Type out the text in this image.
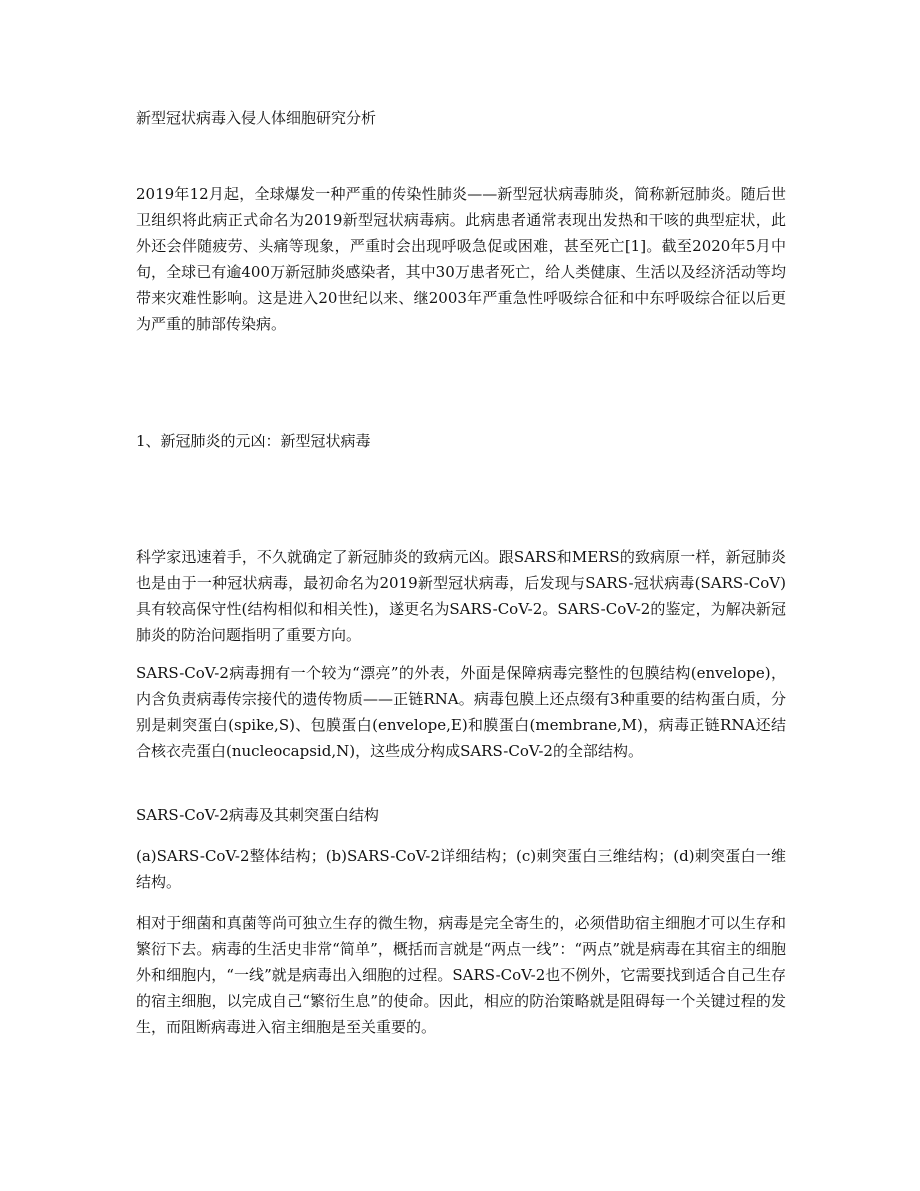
新型冠状病毒入侵人体细胞研究分析

2019年12月起，全球爆发一种严重的传染性肺炎——新型冠状病毒肺炎，简称新冠肺炎。随后世卫组织将此病正式命名为2019新型冠状病毒病。此病患者通常表现出发热和干咳的典型症状，此外还会伴随疲劳、头痛等现象，严重时会出现呼吸急促或困难，甚至死亡[1]。截至2020年5月中旬，全球已有逾400万新冠肺炎感染者，其中30万患者死亡，给人类健康、生活以及经济活动等均带来灾难性影响。这是进入20世纪以来、继2003年严重急性呼吸综合征和中东呼吸综合征以后更为严重的肺部传染病。

1、新冠肺炎的元凶：新型冠状病毒

科学家迅速着手，不久就确定了新冠肺炎的致病元凶。跟SARS和MERS的致病原一样，新冠肺炎也是由于一种冠状病毒，最初命名为2019新型冠状病毒，后发现与SARS-冠状病毒(SARS-CoV)具有较高保守性(结构相似和相关性)，遂更名为SARS-CoV-2。SARS-CoV-2的鉴定，为解决新冠肺炎的防治问题指明了重要方向。

SARS-CoV-2病毒拥有一个较为“漂亮”的外表，外面是保障病毒完整性的包膜结构(envelope)，内含负责病毒传宗接代的遗传物质——正链RNA。病毒包膜上还点缀有3种重要的结构蛋白质，分别是刺突蛋白(spike,S)、包膜蛋白(envelope,E)和膜蛋白(membrane,M)，病毒正链RNA还结合核衣壳蛋白(nucleocapsid,N)，这些成分构成SARS-CoV-2的全部结构。

SARS-CoV-2病毒及其刺突蛋白结构

(a)SARS-CoV-2整体结构；(b)SARS-CoV-2详细结构；(c)刺突蛋白三维结构；(d)刺突蛋白一维结构。

相对于细菌和真菌等尚可独立生存的微生物，病毒是完全寄生的，必须借助宿主细胞才可以生存和繁衍下去。病毒的生活史非常“简单”，概括而言就是“两点一线”：“两点”就是病毒在其宿主的细胞外和细胞内，“一线”就是病毒出入细胞的过程。SARS-CoV-2也不例外，它需要找到适合自己生存的宿主细胞，以完成自己“繁衍生息”的使命。因此，相应的防治策略就是阻碍每一个关键过程的发生，而阻断病毒进入宿主细胞是至关重要的。
